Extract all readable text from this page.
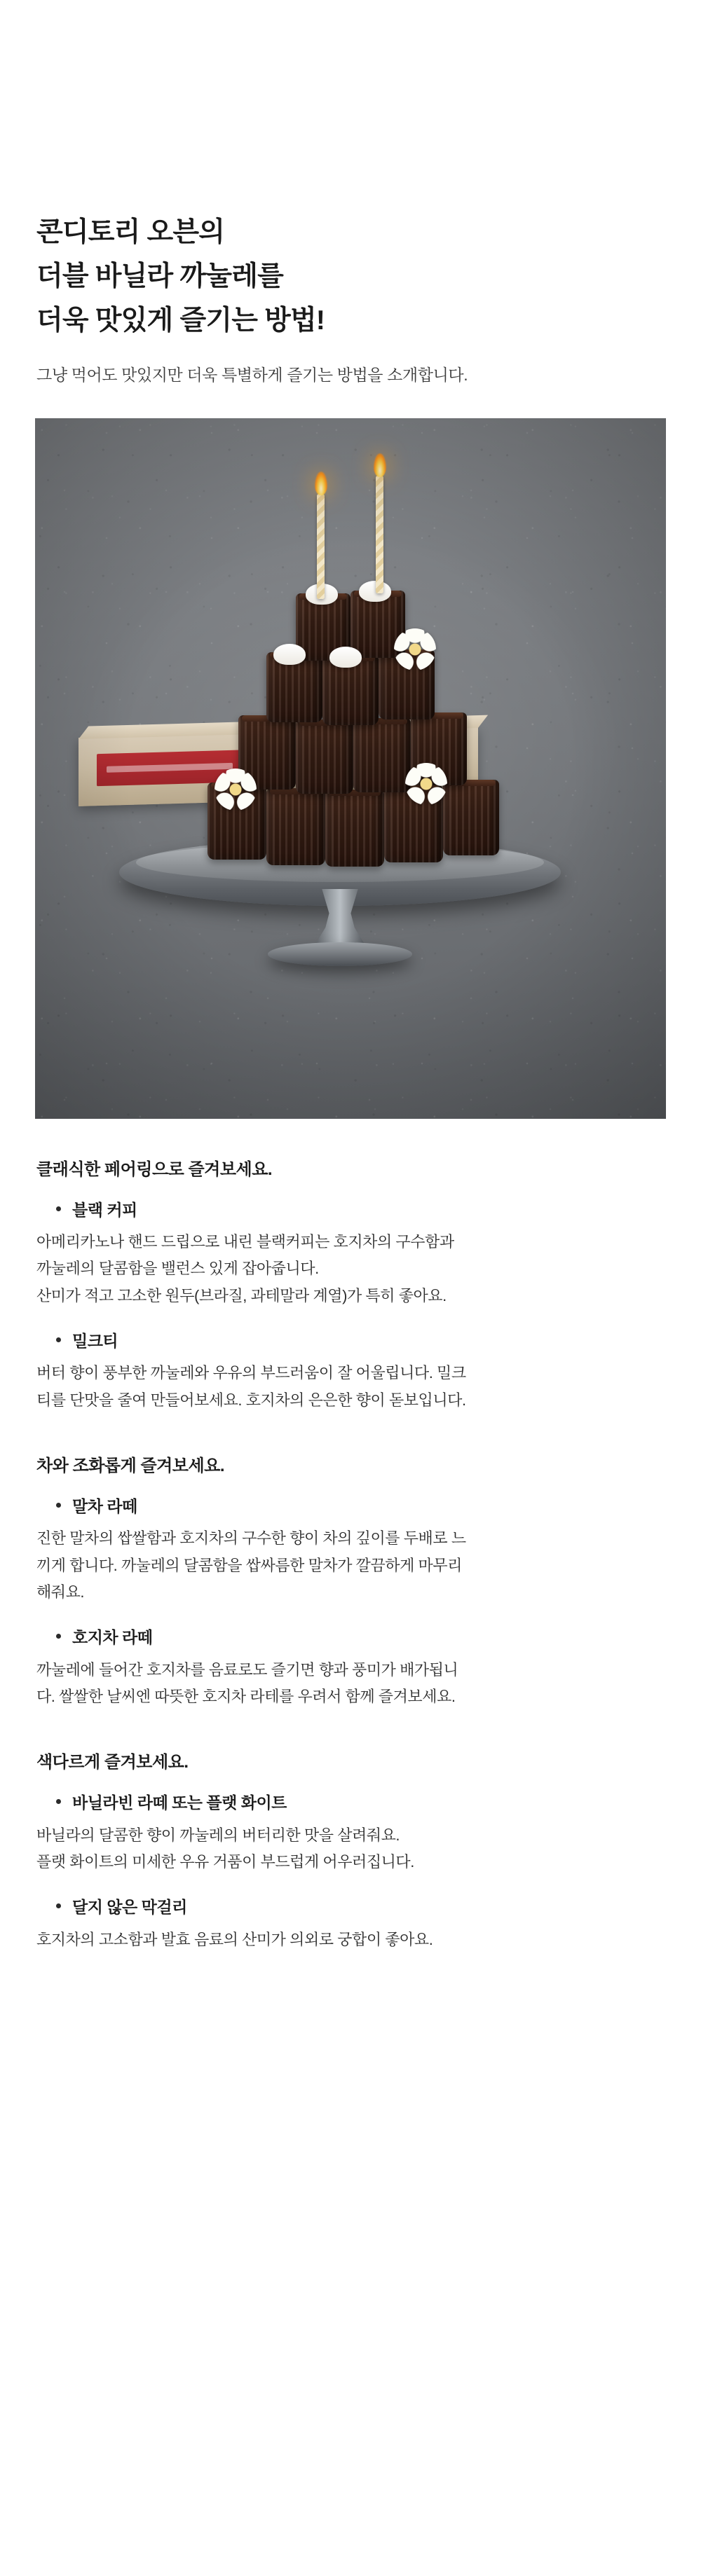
콘디토리 오븐의
더블 바닐라 까눌레를
더욱 맛있게 즐기는 방법!
그냥 먹어도 맛있지만 더욱 특별하게 즐기는 방법을 소개합니다.
클래식한 페어링으로 즐겨보세요.
블랙 커피

아메리카노나 핸드 드립으로 내린 블랙커피는 호지차의 구수함과

까눌레의 달콤함을 밸런스 있게 잡아줍니다.

산미가 적고 고소한 원두(브라질, 과테말라 계열)가 특히 좋아요.

밀크티

버터 향이 풍부한 까눌레와 우유의 부드러움이 잘 어울립니다. 밀크

티를 단맛을 줄여 만들어보세요. 호지차의 은은한 향이 돋보입니다.

차와 조화롭게 즐겨보세요.
말차 라떼

진한 말차의 쌉쌀함과 호지차의 구수한 향이 차의 깊이를 두배로 느

끼게 합니다. 까눌레의 달콤함을 쌉싸름한 말차가 깔끔하게 마무리

해줘요.

호지차 라떼

까눌레에 들어간 호지차를 음료로도 즐기면 향과 풍미가 배가됩니

다. 쌀쌀한 날씨엔 따뜻한 호지차 라테를 우려서 함께 즐겨보세요.

색다르게 즐겨보세요.
바닐라빈 라떼 또는 플랫 화이트

바닐라의 달콤한 향이 까눌레의 버터리한 맛을 살려줘요.

플랫 화이트의 미세한 우유 거품이 부드럽게 어우러집니다.

달지 않은 막걸리

호지차의 고소함과 발효 음료의 산미가 의외로 궁합이 좋아요.
